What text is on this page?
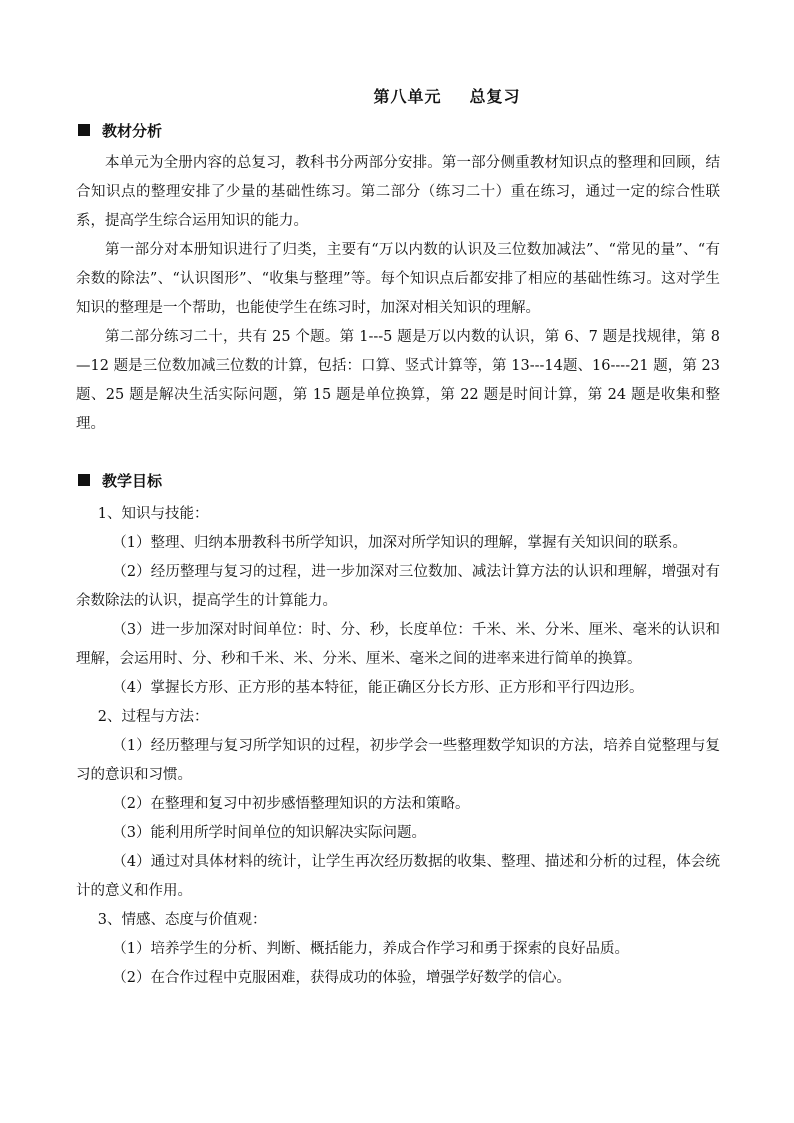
第八单元 总复习
教材分析

本单元为全册内容的总复习，教科书分两部分安排。第一部分侧重教材知识点的整理和回顾，结合知识点的整理安排了少量的基础性练习。第二部分（练习二十）重在练习，通过一定的综合性联系，提高学生综合运用知识的能力。

第一部分对本册知识进行了归类，主要有“万以内数的认识及三位数加减法”、“常见的量”、“有余数的除法”、“认识图形”、“收集与整理”等。每个知识点后都安排了相应的基础性练习。这对学生知识的整理是一个帮助，也能使学生在练习时，加深对相关知识的理解。

第二部分练习二十，共有 25 个题。第 1---5 题是万以内数的认识，第 6、7 题是找规律，第 8—12 题是三位数加减三位数的计算，包括：口算、竖式计算等，第 13---14题、16----21 题，第 23 题、25 题是解决生活实际问题，第 15 题是单位换算，第 22 题是时间计算，第 24 题是收集和整理。

教学目标

1、知识与技能：

（1）整理、归纳本册教科书所学知识，加深对所学知识的理解，掌握有关知识间的联系。

（2）经历整理与复习的过程，进一步加深对三位数加、减法计算方法的认识和理解，增强对有余数除法的认识，提高学生的计算能力。

（3）进一步加深对时间单位：时、分、秒，长度单位：千米、米、分米、厘米、毫米的认识和理解，会运用时、分、秒和千米、米、分米、厘米、毫米之间的进率来进行简单的换算。

（4）掌握长方形、正方形的基本特征，能正确区分长方形、正方形和平行四边形。

2、过程与方法：

（1）经历整理与复习所学知识的过程，初步学会一些整理数学知识的方法，培养自觉整理与复习的意识和习惯。

（2）在整理和复习中初步感悟整理知识的方法和策略。

（3）能利用所学时间单位的知识解决实际问题。

（4）通过对具体材料的统计，让学生再次经历数据的收集、整理、描述和分析的过程，体会统计的意义和作用。

3、情感、态度与价值观：

（1）培养学生的分析、判断、概括能力，养成合作学习和勇于探索的良好品质。

（2）在合作过程中克服困难，获得成功的体验，增强学好数学的信心。
